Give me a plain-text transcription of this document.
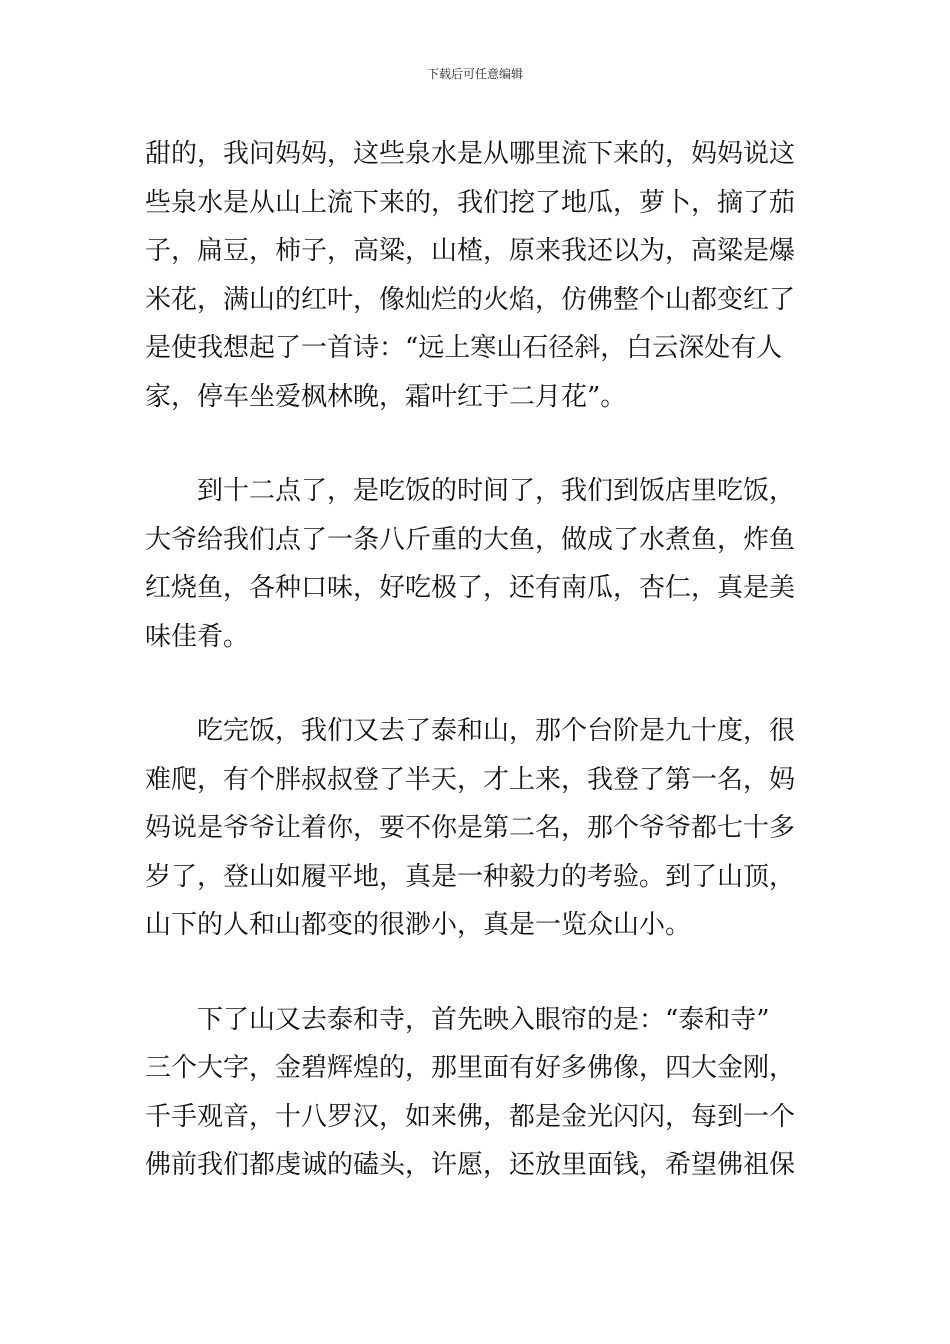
下载后可任意编辑
甜的，我问妈妈，这些泉水是从哪里流下来的，妈妈说这
些泉水是从山上流下来的，我们挖了地瓜，萝卜，摘了茄
子，扁豆，柿子，高粱，山楂，原来我还以为，高粱是爆
米花，满山的红叶，像灿烂的火焰，仿佛整个山都变红了
是使我想起了一首诗：“远上寒山石径斜，白云深处有人
家，停车坐爱枫林晚，霜叶红于二月花”。
　　到十二点了，是吃饭的时间了，我们到饭店里吃饭，
大爷给我们点了一条八斤重的大鱼，做成了水煮鱼，炸鱼
红烧鱼，各种口味，好吃极了，还有南瓜，杏仁，真是美
味佳肴。
　　吃完饭，我们又去了泰和山，那个台阶是九十度，很
难爬，有个胖叔叔登了半天，才上来，我登了第一名，妈
妈说是爷爷让着你，要不你是第二名，那个爷爷都七十多
岁了，登山如履平地，真是一种毅力的考验。到了山顶，
山下的人和山都变的很渺小，真是一览众山小。
　　下了山又去泰和寺，首先映入眼帘的是：“泰和寺”
三个大字，金碧辉煌的，那里面有好多佛像，四大金刚，
千手观音，十八罗汉，如来佛，都是金光闪闪，每到一个
佛前我们都虔诚的磕头，许愿，还放里面钱，希望佛祖保
